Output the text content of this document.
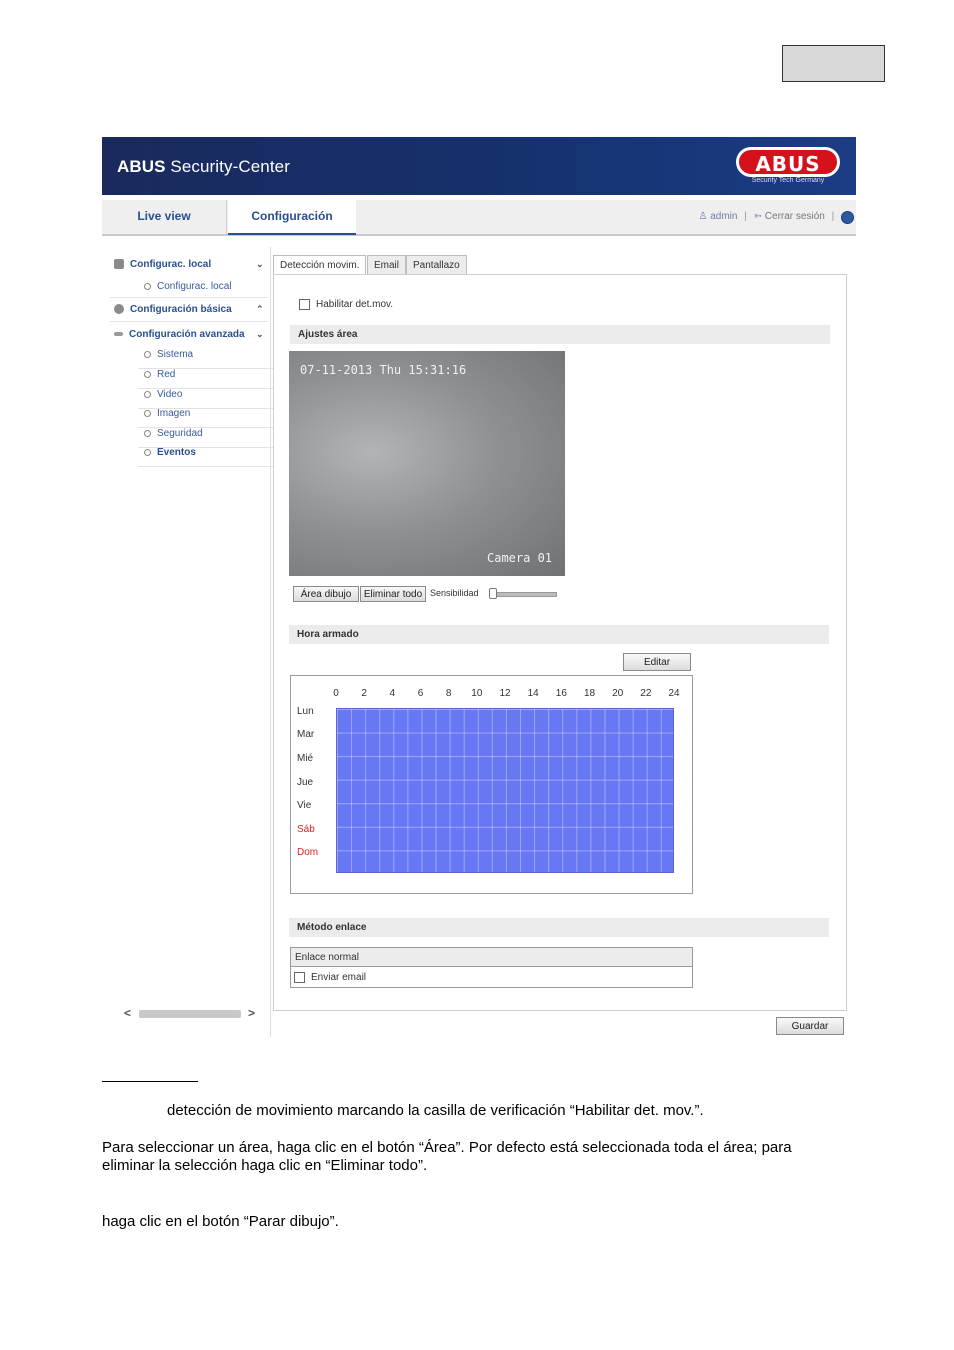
ABUS Security-Center	ABUS
Security Tech Germany
Live view	Configuración	♙ admin | ➳ Cerrar sesión |
Configurac. local	⌄
Configurac. local
Configuración básica	⌃
Configuración avanzada ⌄
Sistema
Red
Video
Imagen
Seguridad
Eventos
<	>
Detección movim.	Email	Pantallazo
Habilitar det.mov.
Ajustes área
07-11-2013 Thu 15:31:16
Camera 01
Área dibujo	Eliminar todo Sensibilidad
Hora armado
Editar
0	2	4	6	8	10	12	14	16	18	20	22	24
Lun
Mar
Mié
Jue
Vie
Sáb
Dom
Método enlace
Enlace normal
Enviar email
Guardar
detección de movimiento marcando la casilla de verificación “Habilitar det. mov.”.
Para seleccionar un área, haga clic en el botón “Área”. Por defecto está seleccionada toda el área; para
eliminar la selección haga clic en “Eliminar todo”.
haga clic en el botón “Parar dibujo”.
